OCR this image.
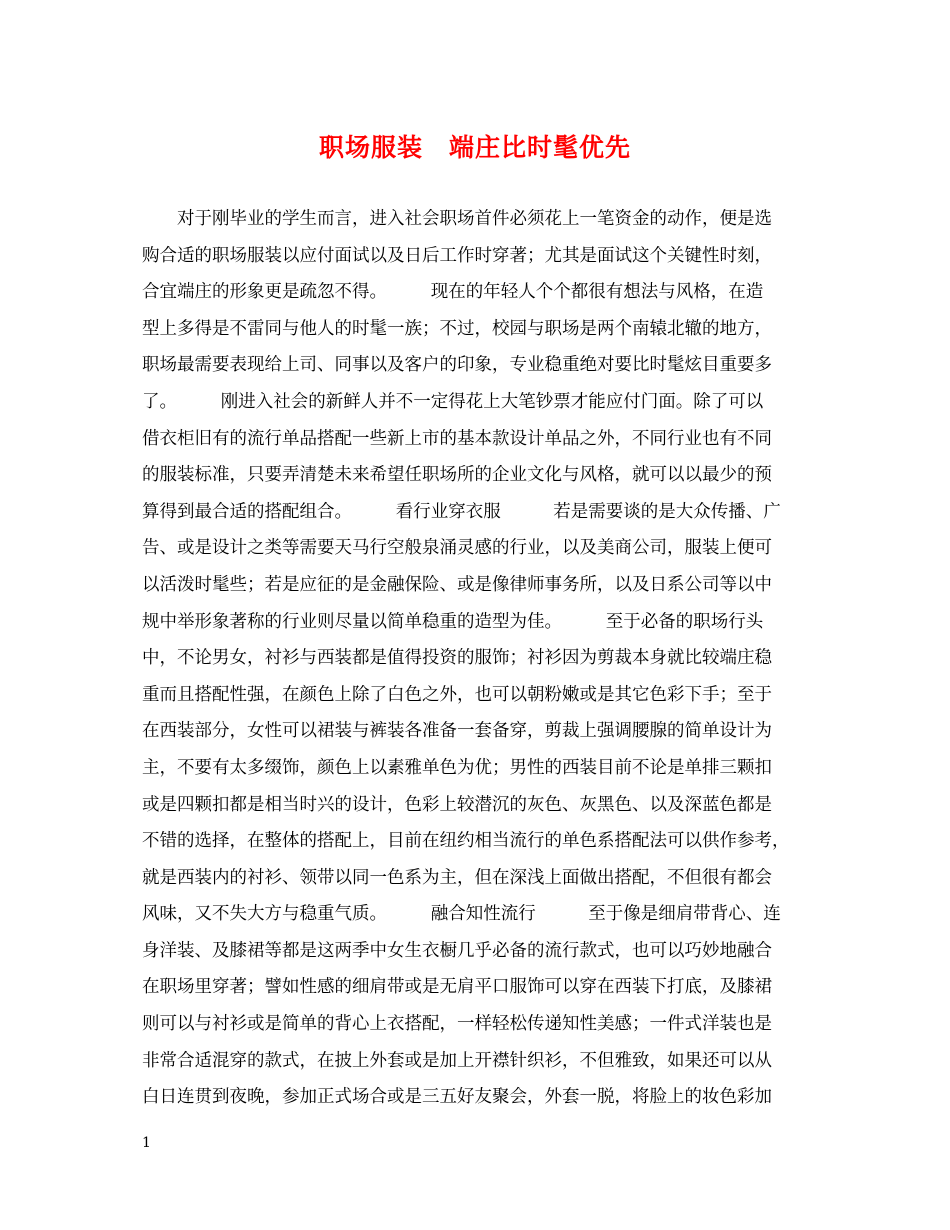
职场服装　端庄比时髦优先
　　对于刚毕业的学生而言，进入社会职场首件必须花上一笔资金的动作，便是选
购合适的职场服装以应付面试以及日后工作时穿著；尤其是面试这个关键性时刻，
合宜端庄的形象更是疏忽不得。　　　现在的年轻人个个都很有想法与风格，在造
型上多得是不雷同与他人的时髦一族；不过，校园与职场是两个南辕北辙的地方，
职场最需要表现给上司、同事以及客户的印象，专业稳重绝对要比时髦炫目重要多
了。　　　刚进入社会的新鲜人并不一定得花上大笔钞票才能应付门面。除了可以
借衣柜旧有的流行单品搭配一些新上市的基本款设计单品之外，不同行业也有不同
的服装标准，只要弄清楚未来希望任职场所的企业文化与风格，就可以以最少的预
算得到最合适的搭配组合。　　　看行业穿衣服　　　若是需要谈的是大众传播、广
告、或是设计之类等需要天马行空般泉涌灵感的行业，以及美商公司，服装上便可
以活泼时髦些；若是应征的是金融保险、或是像律师事务所，以及日系公司等以中
规中举形象著称的行业则尽量以简单稳重的造型为佳。　　　至于必备的职场行头
中，不论男女，衬衫与西装都是值得投资的服饰；衬衫因为剪裁本身就比较端庄稳
重而且搭配性强，在颜色上除了白色之外，也可以朝粉嫩或是其它色彩下手；至于
在西装部分，女性可以裙装与裤装各准备一套备穿，剪裁上强调腰腺的简单设计为
主，不要有太多缀饰，颜色上以素雅单色为优；男性的西装目前不论是单排三颗扣
或是四颗扣都是相当时兴的设计，色彩上较潜沉的灰色、灰黑色、以及深蓝色都是
不错的选择，在整体的搭配上，目前在纽约相当流行的单色系搭配法可以供作参考，
就是西装内的衬衫、领带以同一色系为主，但在深浅上面做出搭配，不但很有都会
风味，又不失大方与稳重气质。　　　融合知性流行　　　至于像是细肩带背心、连
身洋装、及膝裙等都是这两季中女生衣橱几乎必备的流行款式，也可以巧妙地融合
在职场里穿著；譬如性感的细肩带或是无肩平口服饰可以穿在西装下打底，及膝裙
则可以与衬衫或是简单的背心上衣搭配，一样轻松传递知性美感；一件式洋装也是
非常合适混穿的款式，在披上外套或是加上开襟针织衫，不但雅致，如果还可以从
白日连贯到夜晚，参加正式场合或是三五好友聚会，外套一脱，将脸上的妆色彩加
1
